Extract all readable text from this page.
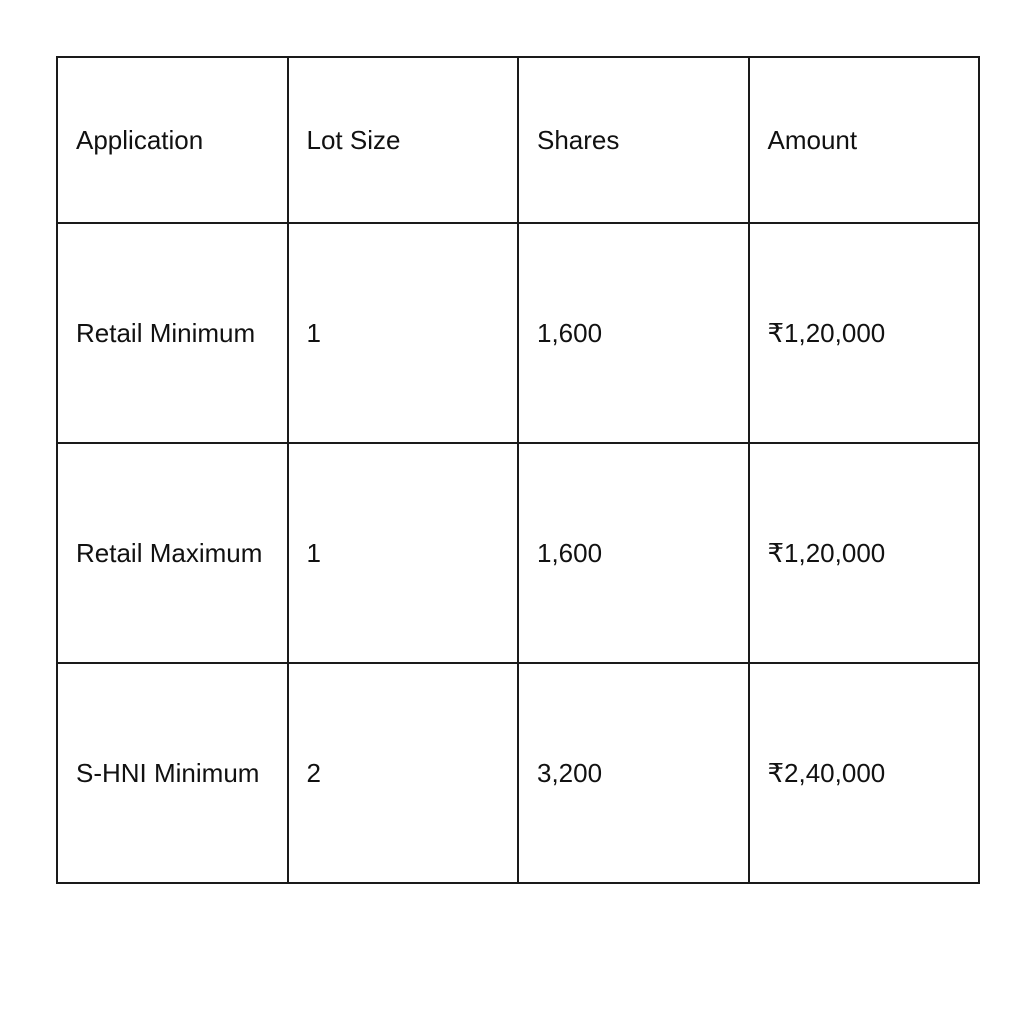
Application	Lot Size	Shares	Amount
Retail Minimum	1	1,600	₹1,20,000
Retail Maximum	1	1,600	₹1,20,000
S-HNI Minimum	2	3,200	₹2,40,000
